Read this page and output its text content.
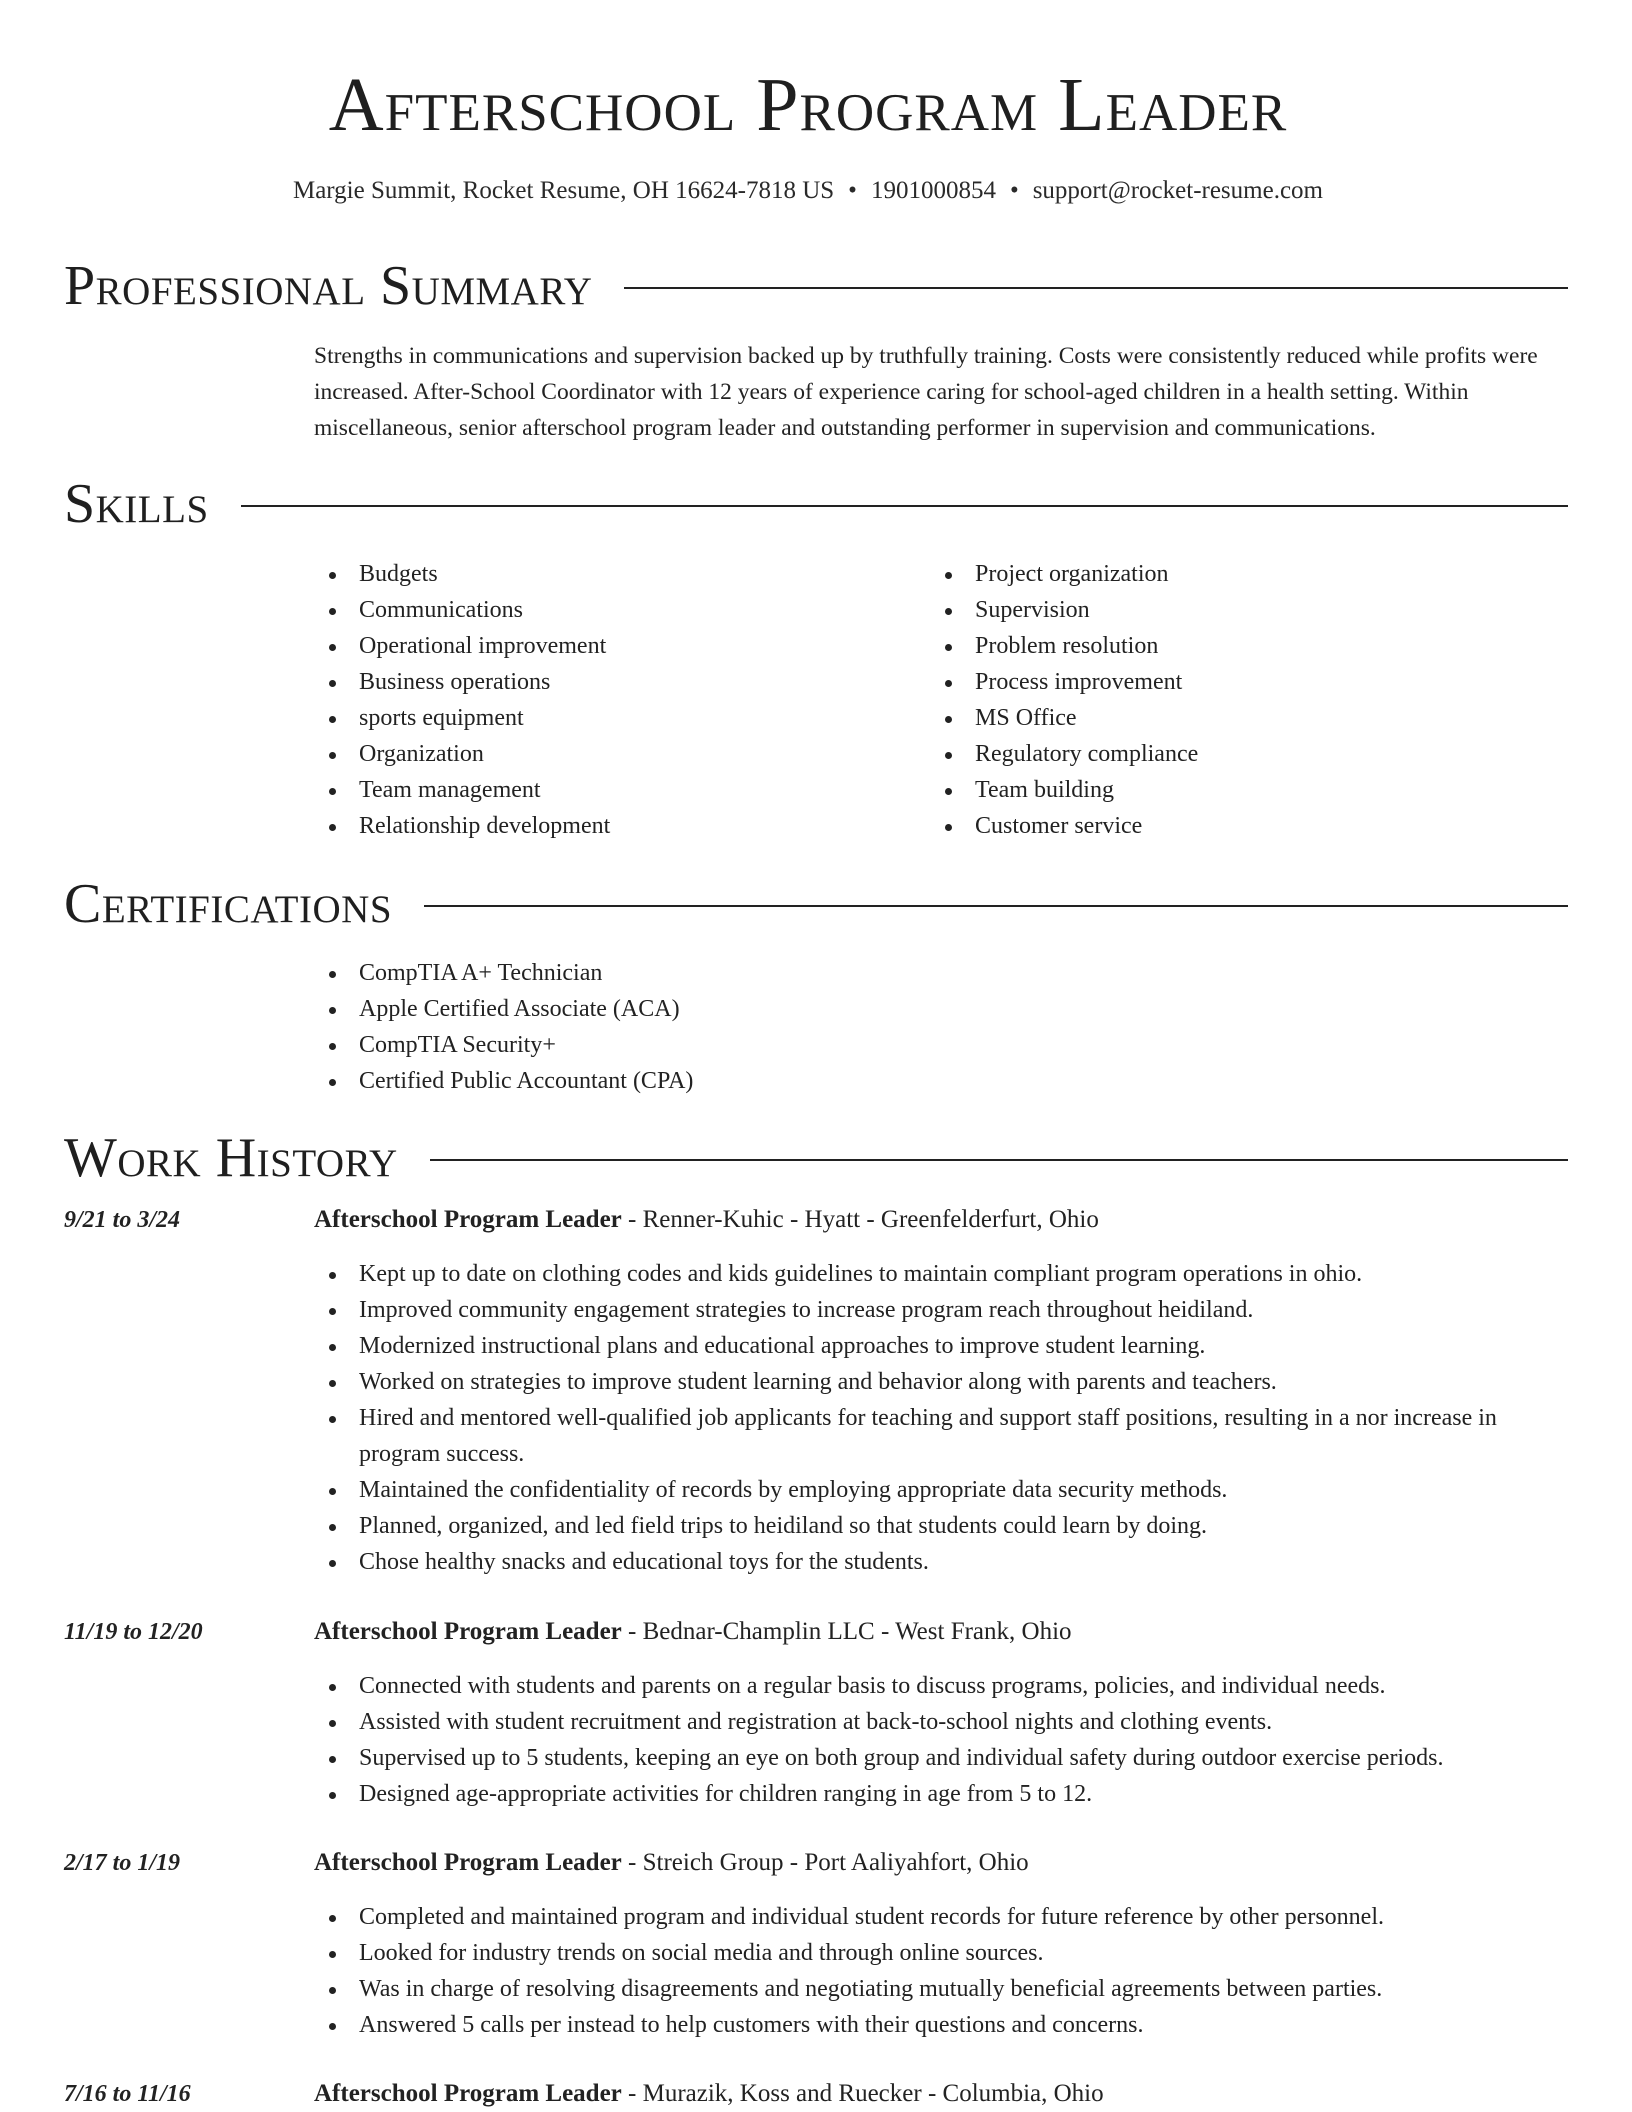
Afterschool Program Leader
Margie Summit, Rocket Resume, OH 16624-7818 US • 1901000854 • support@rocket-resume.com
Professional Summary

Strengths in communications and supervision backed up by truthfully training. Costs were consistently reduced while profits were increased. After-School Coordinator with 12 years of experience caring for school-aged children in a health setting. Within miscellaneous, senior afterschool program leader and outstanding performer in supervision and communications.

Skills
Budgets
Communications
Operational improvement
Business operations
sports equipment
Organization
Team management
Relationship development
Project organization
Supervision
Problem resolution
Process improvement
MS Office
Regulatory compliance
Team building
Customer service
Certifications
CompTIA A+ Technician
Apple Certified Associate (ACA)
CompTIA Security+
Certified Public Accountant (CPA)
Work History
9/21 to 3/24	Afterschool Program Leader - Renner-Kuhic - Hyatt - Greenfelderfurt, Ohio
Kept up to date on clothing codes and kids guidelines to maintain compliant program operations in ohio.
Improved community engagement strategies to increase program reach throughout heidiland.
Modernized instructional plans and educational approaches to improve student learning.
Worked on strategies to improve student learning and behavior along with parents and teachers.
Hired and mentored well-qualified job applicants for teaching and support staff positions, resulting in a nor increase in program success.
Maintained the confidentiality of records by employing appropriate data security methods.
Planned, organized, and led field trips to heidiland so that students could learn by doing.
Chose healthy snacks and educational toys for the students.
11/19 to 12/20	Afterschool Program Leader - Bednar-Champlin LLC - West Frank, Ohio
Connected with students and parents on a regular basis to discuss programs, policies, and individual needs.
Assisted with student recruitment and registration at back-to-school nights and clothing events.
Supervised up to 5 students, keeping an eye on both group and individual safety during outdoor exercise periods.
Designed age-appropriate activities for children ranging in age from 5 to 12.
2/17 to 1/19	Afterschool Program Leader - Streich Group - Port Aaliyahfort, Ohio
Completed and maintained program and individual student records for future reference by other personnel.
Looked for industry trends on social media and through online sources.
Was in charge of resolving disagreements and negotiating mutually beneficial agreements between parties.
Answered 5 calls per instead to help customers with their questions and concerns.
7/16 to 11/16	Afterschool Program Leader - Murazik, Koss and Ruecker - Columbia, Ohio
